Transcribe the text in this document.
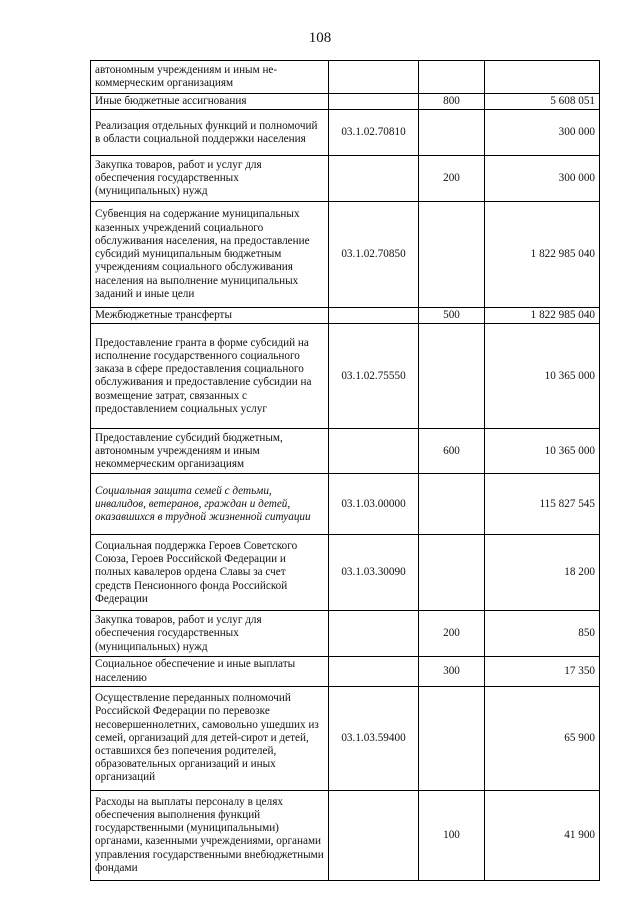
108
автономным учреждениям и иным не-коммерческим организациям			
Иные бюджетные ассигнования		800	5 608 051
Реализация отдельных функций и полномочий в области социальной поддержки населения	03.1.02.70810		300 000
Закупка товаров, работ и услуг для обеспечения государственных (муниципальных) нужд		200	300 000
Субвенция на содержание муниципальных казенных учреждений социального обслуживания населения, на предоставление субсидий муниципальным бюджетным учреждениям социального обслуживания населения на выполнение муниципальных заданий и иные цели	03.1.02.70850		1 822 985 040
Межбюджетные трансферты		500	1 822 985 040
Предоставление гранта в форме субсидий на исполнение государственного социального заказа в сфере предоставления социального обслуживания и предоставление субсидии на возмещение затрат, связанных с предоставлением социальных услуг	03.1.02.75550		10 365 000
Предоставление субсидий бюджетным, автономным учреждениям и иным некоммерческим организациям		600	10 365 000
Социальная защита семей с детьми, инвалидов, ветеранов, граждан и детей, оказавшихся в трудной жизненной ситуации	03.1.03.00000		115 827 545
Социальная поддержка Героев Советского Союза, Героев Российской Федерации и полных кавалеров ордена Славы за счет средств Пенсионного фонда Российской Федерации	03.1.03.30090		18 200
Закупка товаров, работ и услуг для обеспечения государственных (муниципальных) нужд		200	850
Социальное обеспечение и иные выплаты населению		300	17 350
Осуществление переданных полномочий Российской Федерации по перевозке несовершеннолетних, самовольно ушедших из семей, организаций для детей-сирот и детей, оставшихся без попечения родителей, образовательных организаций и иных организаций	03.1.03.59400		65 900
Расходы на выплаты персоналу в целях обеспечения выполнения функций государственными (муниципальными) органами, казенными учреждениями, органами управления государственными внебюджетными фондами		100	41 900
